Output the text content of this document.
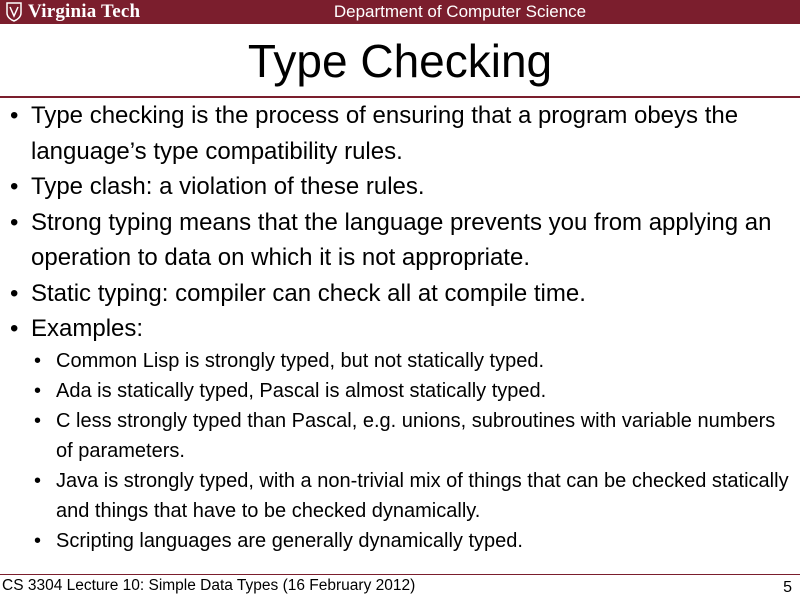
Virginia Tech	Department of Computer Science
Type Checking
• Type checking is the process of ensuring that a program obeys the language’s type compatibility rules.
• Type clash: a violation of these rules.
• Strong typing means that the language prevents you from applying an operation to data on which it is not appropriate.
• Static typing: compiler can check all at compile time.
• Examples:
• Common Lisp is strongly typed, but not statically typed.
• Ada is statically typed, Pascal is almost statically typed.
• C less strongly typed than Pascal, e.g. unions, subroutines with variable numbers of parameters.
• Java is strongly typed, with a non-trivial mix of things that can be checked statically and things that have to be checked dynamically.
• Scripting languages are generally dynamically typed.
CS 3304 Lecture 10: Simple Data Types (16 February 2012)	5
